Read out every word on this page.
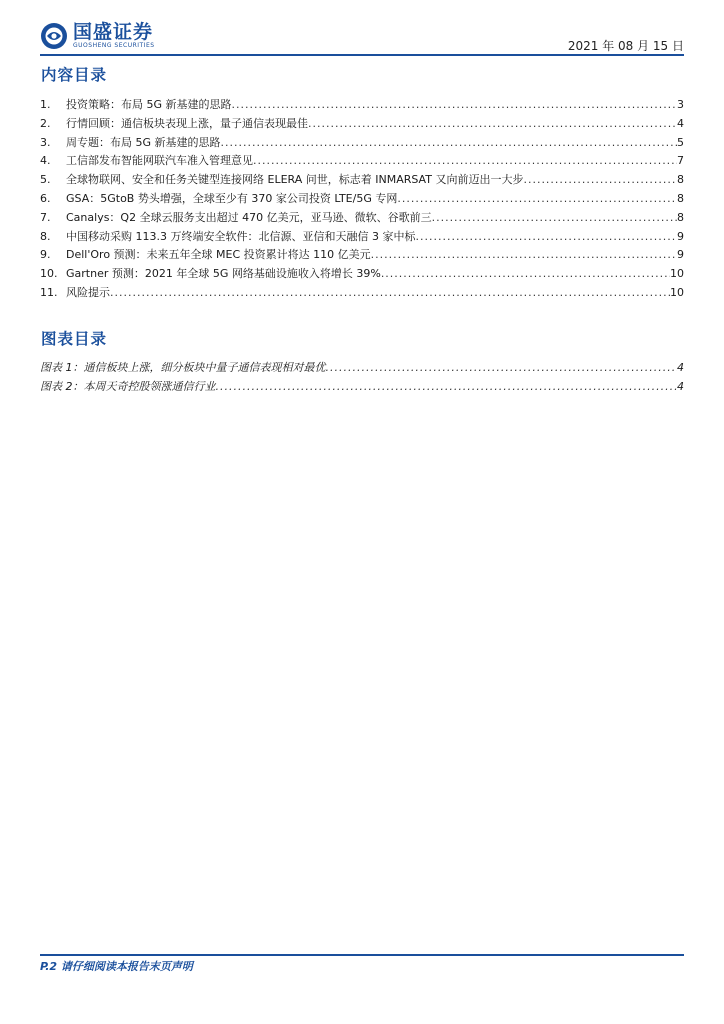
国盛证券
GUOSHENG SECURITIES	2021 年 08 月 15 日
内容目录
1.	投资策略：布局 5G 新基建的思路 .....	3
2.	行情回顾：通信板块表现上涨，量子通信表现最佳 .....	4
3.	周专题：布局 5G 新基建的思路 .....	5
4.	工信部发布智能网联汽车准入管理意见 .....	7
5.	全球物联网、安全和任务关键型连接网络 ELERA 问世，标志着 INMARSAT 又向前迈出一大步 .....	8
6.	GSA：5GtoB 势头增强，全球至少有 370 家公司投资 LTE/5G 专网 .....	8
7.	Canalys：Q2 全球云服务支出超过 470 亿美元，亚马逊、微软、谷歌前三 .....	8
8.	中国移动采购 113.3 万终端安全软件：北信源、亚信和天融信 3 家中标 .....	9
9.	Dell'Oro 预测：未来五年全球 MEC 投资累计将达 110 亿美元 .....	9
10. Gartner 预测：2021 年全球 5G 网络基础设施收入将增长 39% .....	10
11. 风险提示 .....	10
图表目录
图表 1：通信板块上涨，细分板块中量子通信表现相对最优 .....	4
图表 2：本周天奇控股领涨通信行业 .....	4
P.2 请仔细阅读本报告末页声明
